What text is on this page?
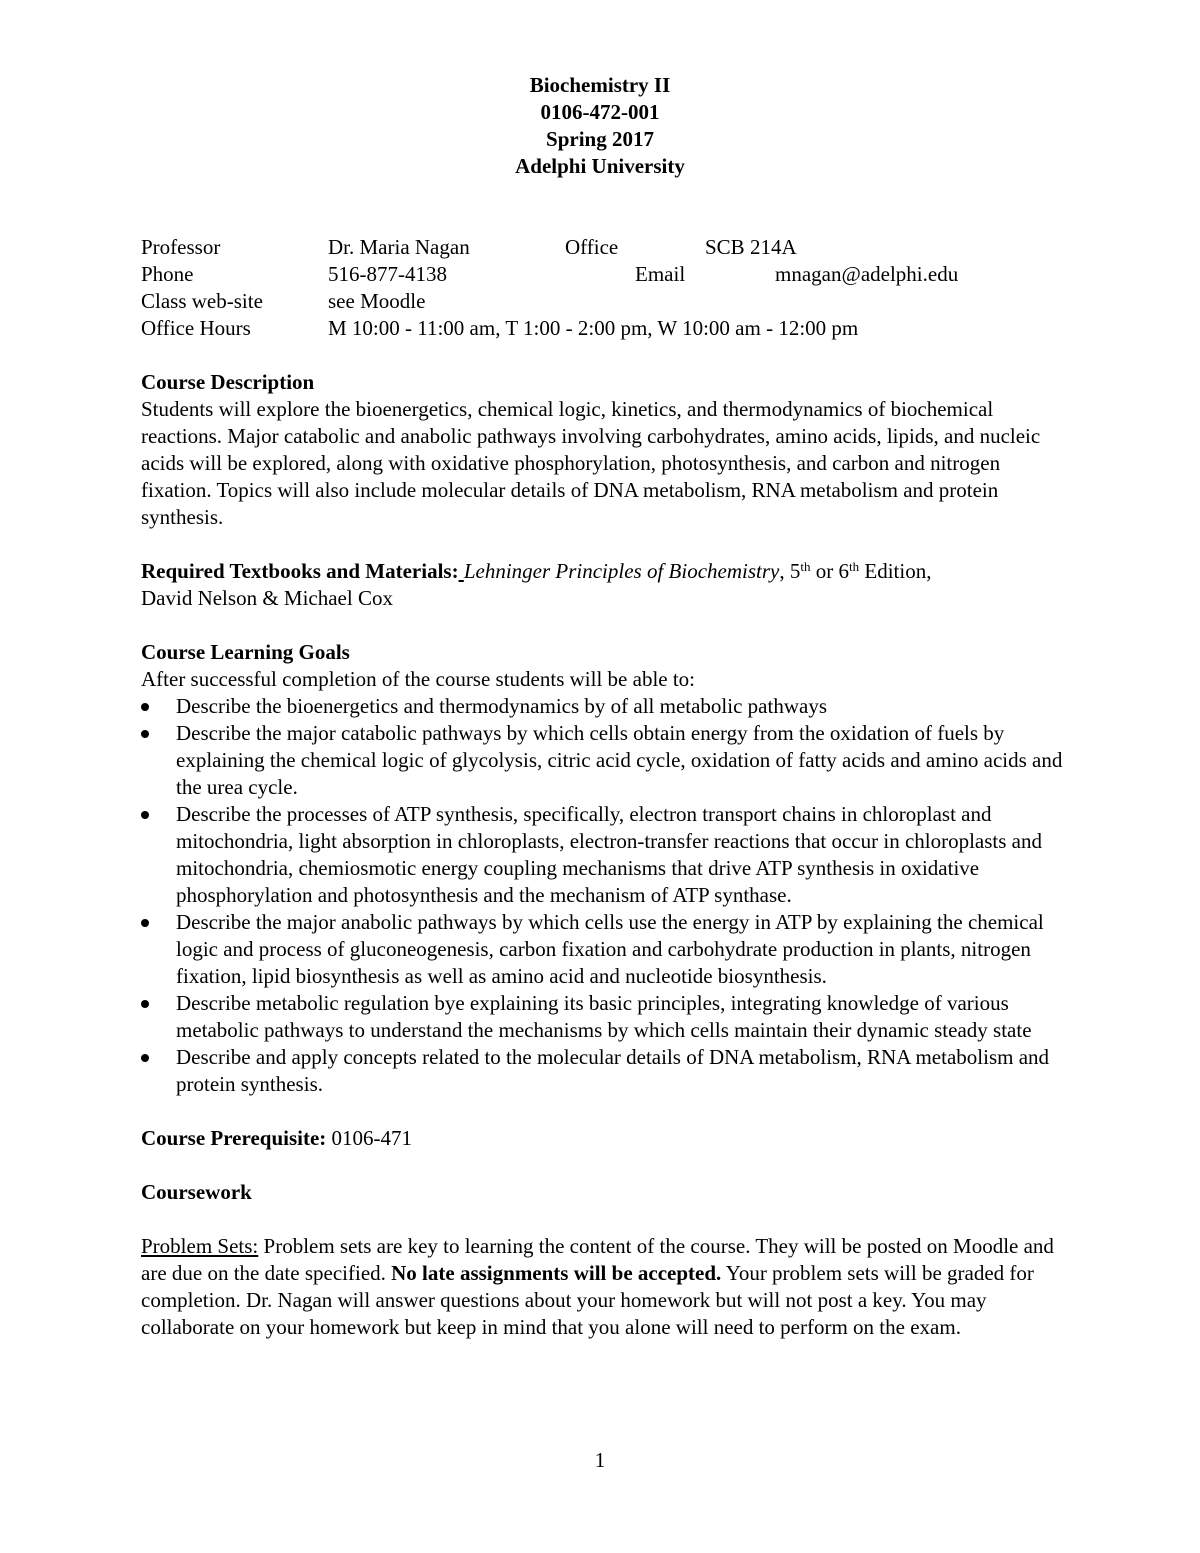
Biochemistry II
0106-472-001
Spring 2017
Adelphi University
Professor	Dr. Maria Nagan	Office	SCB 214A
Phone	516-877-4138	Email	mnagan@adelphi.edu
Class web-site	see Moodle
Office Hours	M 10:00 - 11:00 am, T 1:00 - 2:00 pm, W 10:00 am - 12:00 pm
Course Description

Students will explore the bioenergetics, chemical logic, kinetics, and thermodynamics of biochemical reactions. Major catabolic and anabolic pathways involving carbohydrates, amino acids, lipids, and nucleic acids will be explored, along with oxidative phosphorylation, photosynthesis, and carbon and nitrogen fixation. Topics will also include molecular details of DNA metabolism, RNA metabolism and protein synthesis.

Required Textbooks and Materials: Lehninger Principles of Biochemistry, 5th or 6th Edition,
David Nelson & Michael Cox

Course Learning Goals

After successful completion of the course students will be able to:

Describe the bioenergetics and thermodynamics by of all metabolic pathways
Describe the major catabolic pathways by which cells obtain energy from the oxidation of fuels by explaining the chemical logic of glycolysis, citric acid cycle, oxidation of fatty acids and amino acids and the urea cycle.
Describe the processes of ATP synthesis, specifically, electron transport chains in chloroplast and mitochondria, light absorption in chloroplasts, electron-transfer reactions that occur in chloroplasts and mitochondria, chemiosmotic energy coupling mechanisms that drive ATP synthesis in oxidative phosphorylation and photosynthesis and the mechanism of ATP synthase.
Describe the major anabolic pathways by which cells use the energy in ATP by explaining the chemical logic and process of gluconeogenesis, carbon fixation and carbohydrate production in plants, nitrogen fixation, lipid biosynthesis as well as amino acid and nucleotide biosynthesis.
Describe metabolic regulation bye explaining its basic principles, integrating knowledge of various metabolic pathways to understand the mechanisms by which cells maintain their dynamic steady state
Describe and apply concepts related to the molecular details of DNA metabolism, RNA metabolism and protein synthesis.

Course Prerequisite: 0106-471

Coursework

Problem Sets: Problem sets are key to learning the content of the course. They will be posted on Moodle and are due on the date specified. No late assignments will be accepted. Your problem sets will be graded for completion. Dr. Nagan will answer questions about your homework but will not post a key. You may collaborate on your homework but keep in mind that you alone will need to perform on the exam.

1
